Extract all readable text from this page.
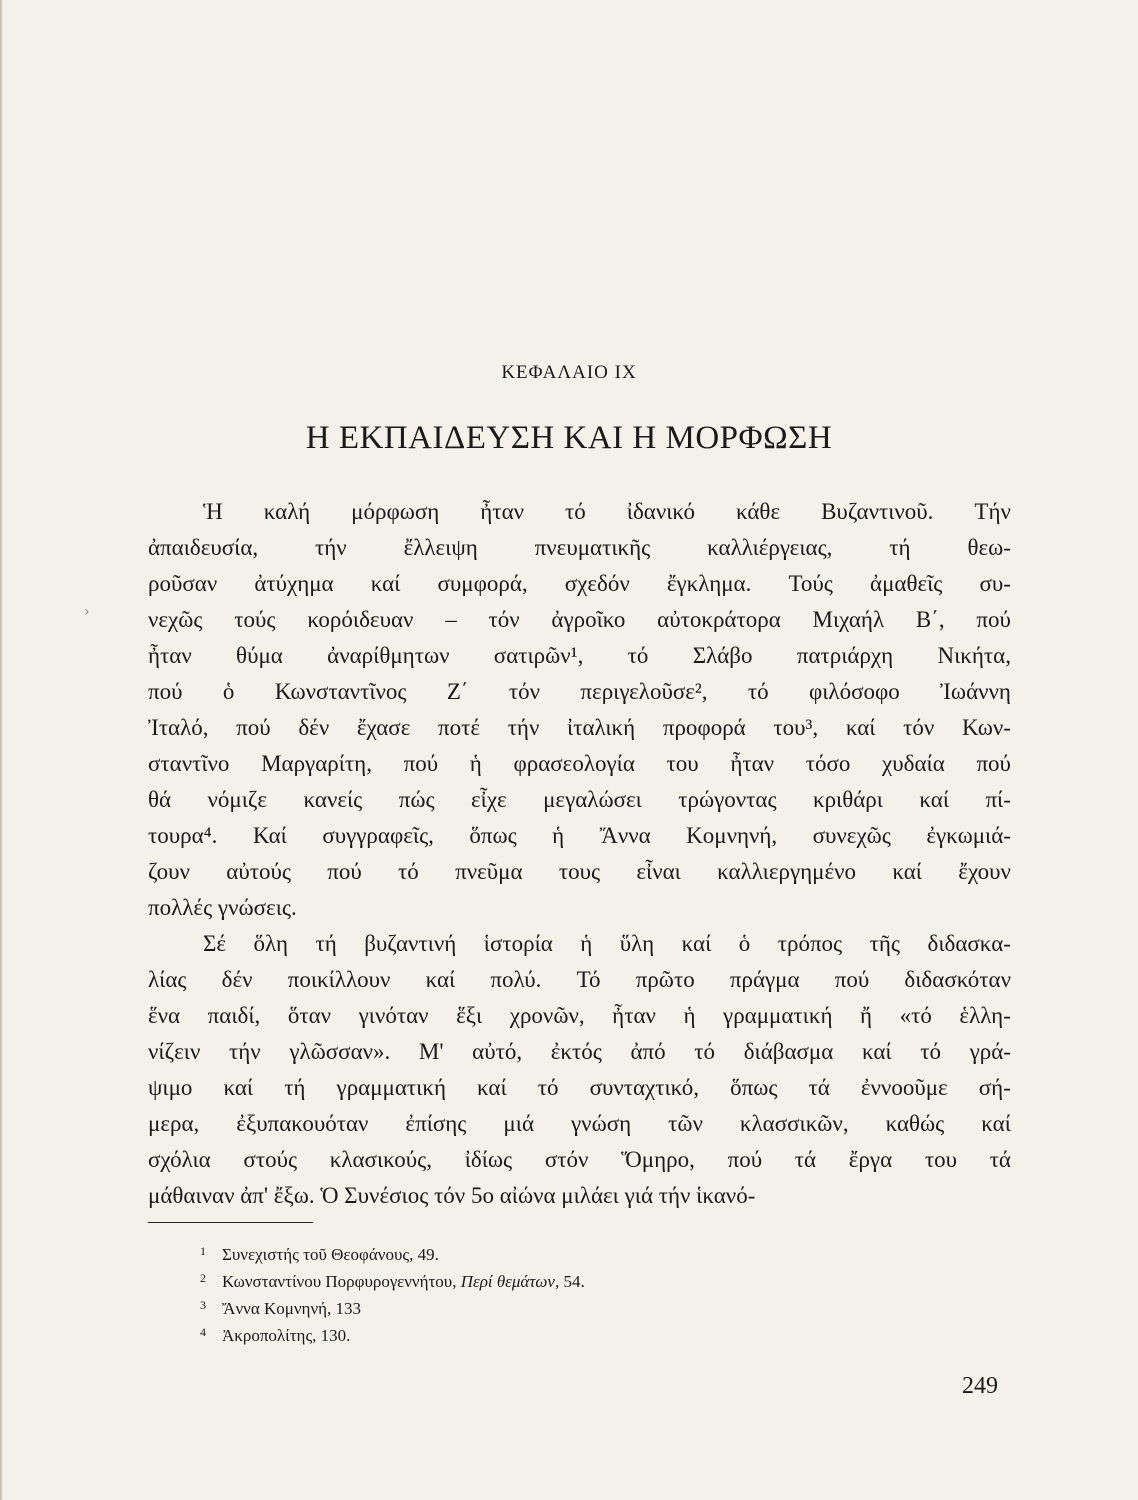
ΚΕΦΑΛΑΙΟ IX
Η ΕΚΠΑΙΔΕΥΣΗ ΚΑΙ Η ΜΟΡΦΩΣΗ
›
Ἡ καλή μόρφωση ἦταν τό ἰδανικό κάθε Βυζαντινοῦ. Τήν
ἀπαιδευσία, τήν ἔλλειψη πνευματικῆς καλλιέργειας, τή θεω-
ροῦσαν ἀτύχημα καί συμφορά, σχεδόν ἔγκλημα. Τούς ἀμαθεῖς συ-
νεχῶς τούς κορόιδευαν – τόν ἀγροῖκο αὐτοκράτορα Μιχαήλ Β΄, πού
ἦταν θύμα ἀναρίθμητων σατιρῶν¹, τό Σλάβο πατριάρχη Νικήτα,
πού ὁ Κωνσταντῖνος Ζ΄ τόν περιγελοῦσε², τό φιλόσοφο Ἰωάννη
Ἰταλό, πού δέν ἔχασε ποτέ τήν ἰταλική προφορά του³, καί τόν Κων-
σταντῖνο Μαργαρίτη, πού ἡ φρασεολογία του ἦταν τόσο χυδαία πού
θά νόμιζε κανείς πώς εἶχε μεγαλώσει τρώγοντας κριθάρι καί πί-
τουρα⁴. Καί συγγραφεῖς, ὅπως ἡ Ἄννα Κομνηνή, συνεχῶς ἐγκωμιά-
ζουν αὐτούς πού τό πνεῦμα τους εἶναι καλλιεργημένο καί ἔχουν
πολλές γνώσεις.
Σέ ὅλη τή βυζαντινή ἱστορία ἡ ὕλη καί ὁ τρόπος τῆς διδασκα-
λίας δέν ποικίλλουν καί πολύ. Τό πρῶτο πράγμα πού διδασκόταν
ἕνα παιδί, ὅταν γινόταν ἕξι χρονῶν, ἦταν ἡ γραμματική ἤ «τό ἑλλη-
νίζειν τήν γλῶσσαν». Μ' αὐτό, ἐκτός ἀπό τό διάβασμα καί τό γρά-
ψιμο καί τή γραμματική καί τό συνταχτικό, ὅπως τά ἐννοοῦμε σή-
μερα, ἐξυπακουόταν ἐπίσης μιά γνώση τῶν κλασσικῶν, καθώς καί
σχόλια στούς κλασικούς, ἰδίως στόν Ὅμηρο, πού τά ἔργα του τά
μάθαιναν ἀπ' ἔξω. Ὁ Συνέσιος τόν 5ο αἰώνα μιλάει γιά τήν ἱκανό-
1 Συνεχιστής τοῦ Θεοφάνους, 49.
2 Κωνσταντίνου Πορφυρογεννήτου, Περί θεμάτων, 54.
3 Ἄννα Κομνηνή, 133
4 Ἀκροπολίτης, 130.
249
